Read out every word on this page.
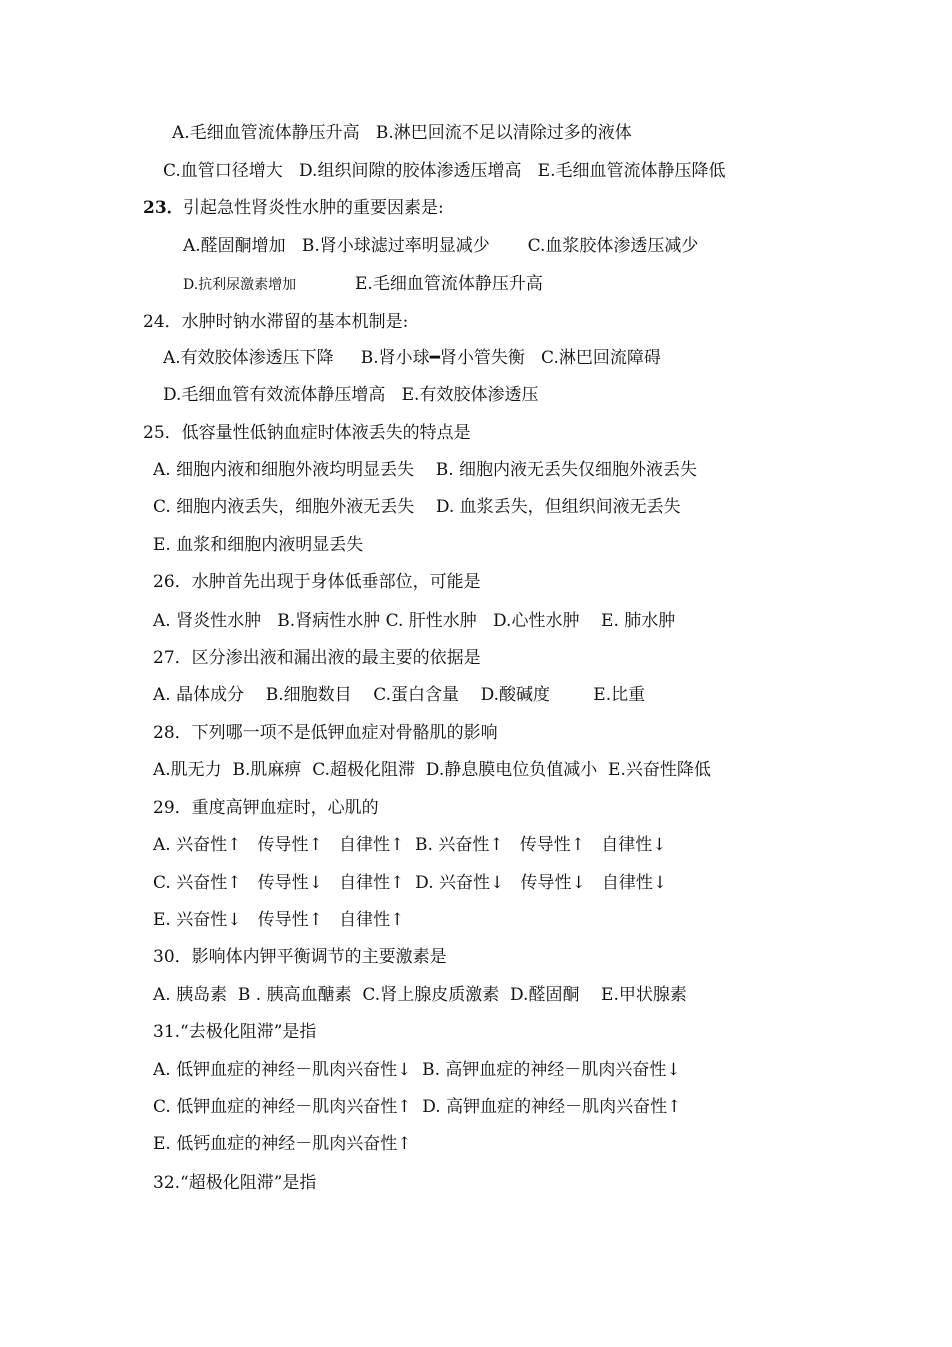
A.毛细血管流体静压升高   B.淋巴回流不足以清除过多的液体
C.血管口径增大   D.组织间隙的胶体渗透压增高   E.毛细血管流体静压降低
23． 引起急性肾炎性水肿的重要因素是:
A.醛固酮增加   B.肾小球滤过率明显减少       C.血浆胶体渗透压减少
D.抗利尿激素增加	E.毛细血管流体静压升高
24．水肿时钠水滞留的基本机制是:
A.有效胶体渗透压下降     B.肾小球━肾小管失衡   C.淋巴回流障碍
D.毛细血管有效流体静压增高   E.有效胶体渗透压
25．低容量性低钠血症时体液丢失的特点是
A. 细胞内液和细胞外液均明显丢失    B. 细胞内液无丢失仅细胞外液丢失
C. 细胞内液丢失，细胞外液无丢失    D. 血浆丢失，但组织间液无丢失
E. 血浆和细胞内液明显丢失
26．水肿首先出现于身体低垂部位，可能是
A. 肾炎性水肿   B.肾病性水肿 C. 肝性水肿   D.心性水肿    E. 肺水肿
27．区分渗出液和漏出液的最主要的依据是
A. 晶体成分    B.细胞数目    C.蛋白含量    D.酸碱度        E.比重
28．下列哪一项不是低钾血症对骨骼肌的影响
A.肌无力  B.肌麻痹  C.超极化阻滞  D.静息膜电位负值减小  E.兴奋性降低
29．重度高钾血症时，心肌的
A. 兴奋性↑   传导性↑   自律性↑  B. 兴奋性↑   传导性↑   自律性↓
C. 兴奋性↑   传导性↓   自律性↑  D. 兴奋性↓   传导性↓   自律性↓
E. 兴奋性↓   传导性↑   自律性↑
30．影响体内钾平衡调节的主要激素是
A. 胰岛素  B . 胰高血醣素  C.肾上腺皮质激素  D.醛固酮    E.甲状腺素
31.“去极化阻滞”是指
A. 低钾血症的神经－肌肉兴奋性↓  B. 高钾血症的神经－肌肉兴奋性↓
C. 低钾血症的神经－肌肉兴奋性↑  D. 高钾血症的神经－肌肉兴奋性↑
E. 低钙血症的神经－肌肉兴奋性↑
32.“超极化阻滞”是指
